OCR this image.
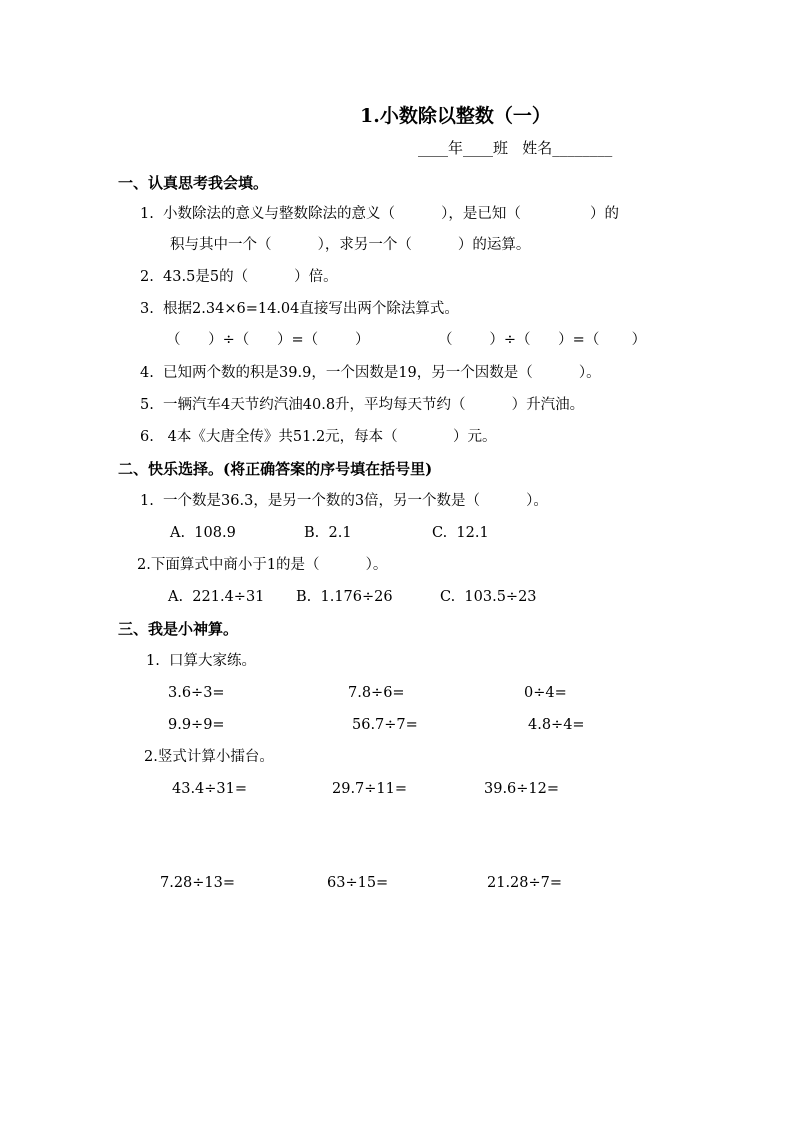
1.小数除以整数（一）
____年____班   姓名________
一、认真思考我会填。
1.  小数除法的意义与整数除法的意义（          ），是已知（               ）的
积与其中一个（          ），求另一个（          ）的运算。
2.  43.5是5的（          ）倍。
3.  根据2.34×6=14.04直接写出两个除法算式。
（      ）÷（      ）=（        ）	（        ）÷（      ）=（       ）
4.  已知两个数的积是39.9，一个因数是19，另一个因数是（          ）。
5.  一辆汽车4天节约汽油40.8升，平均每天节约（          ）升汽油。
6.   4本《大唐全传》共51.2元，每本（            ）元。
二、快乐选择。(将正确答案的序号填在括号里)
1.  一个数是36.3，是另一个数的3倍，另一个数是（          ）。
A.  108.9	B.  2.1	C.  12.1
2.下面算式中商小于1的是（          ）。
A.  221.4÷31 B.  1.176÷26	C.  103.5÷23
三、我是小神算。
1.  口算大家练。
3.6÷3=	7.8÷6=	0÷4=
9.9÷9=	56.7÷7=	4.8÷4=
2.竖式计算小擂台。
43.4÷31=	29.7÷11=	39.6÷12=
7.28÷13=	63÷15=	21.28÷7=
